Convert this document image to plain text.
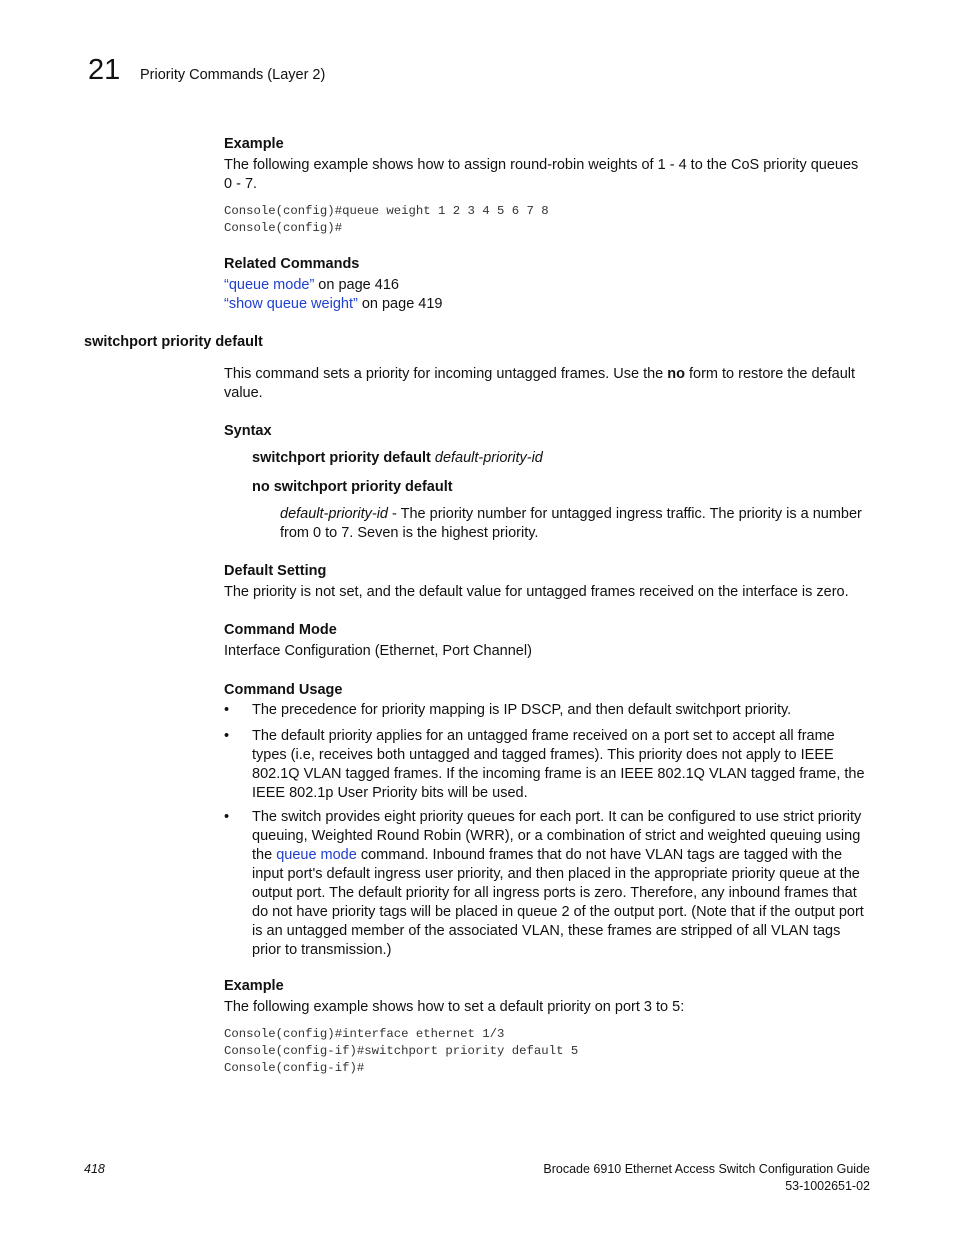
21 Priority Commands (Layer 2)
Example

The following example shows how to assign round-robin weights of 1 - 4 to the CoS priority queues 0 - 7.

Console(config)#queue weight 1 2 3 4 5 6 7 8
Console(config)#
Related Commands
“queue mode” on page 416
“show queue weight” on page 419
switchport priority default

This command sets a priority for incoming untagged frames. Use the no form to restore the default value.

Syntax
switchport priority default default-priority-id
no switchport priority default

default-priority-id - The priority number for untagged ingress traffic. The priority is a number from 0 to 7. Seven is the highest priority.

Default Setting

The priority is not set, and the default value for untagged frames received on the interface is zero.

Command Mode

Interface Configuration (Ethernet, Port Channel)

Command Usage
• The precedence for priority mapping is IP DSCP, and then default switchport priority.

• The default priority applies for an untagged frame received on a port set to accept all frame types (i.e, receives both untagged and tagged frames). This priority does not apply to IEEE 802.1Q VLAN tagged frames. If the incoming frame is an IEEE 802.1Q VLAN tagged frame, the IEEE 802.1p User Priority bits will be used.

• The switch provides eight priority queues for each port. It can be configured to use strict priority queuing, Weighted Round Robin (WRR), or a combination of strict and weighted queuing using the queue mode command. Inbound frames that do not have VLAN tags are tagged with the input port's default ingress user priority, and then placed in the appropriate priority queue at the output port. The default priority for all ingress ports is zero. Therefore, any inbound frames that do not have priority tags will be placed in queue 2 of the output port. (Note that if the output port is an untagged member of the associated VLAN, these frames are stripped of all VLAN tags prior to transmission.)

Example

The following example shows how to set a default priority on port 3 to 5:

Console(config)#interface ethernet 1/3
Console(config-if)#switchport priority default 5
Console(config-if)#
418	Brocade 6910 Ethernet Access Switch Configuration Guide
53-1002651-02
